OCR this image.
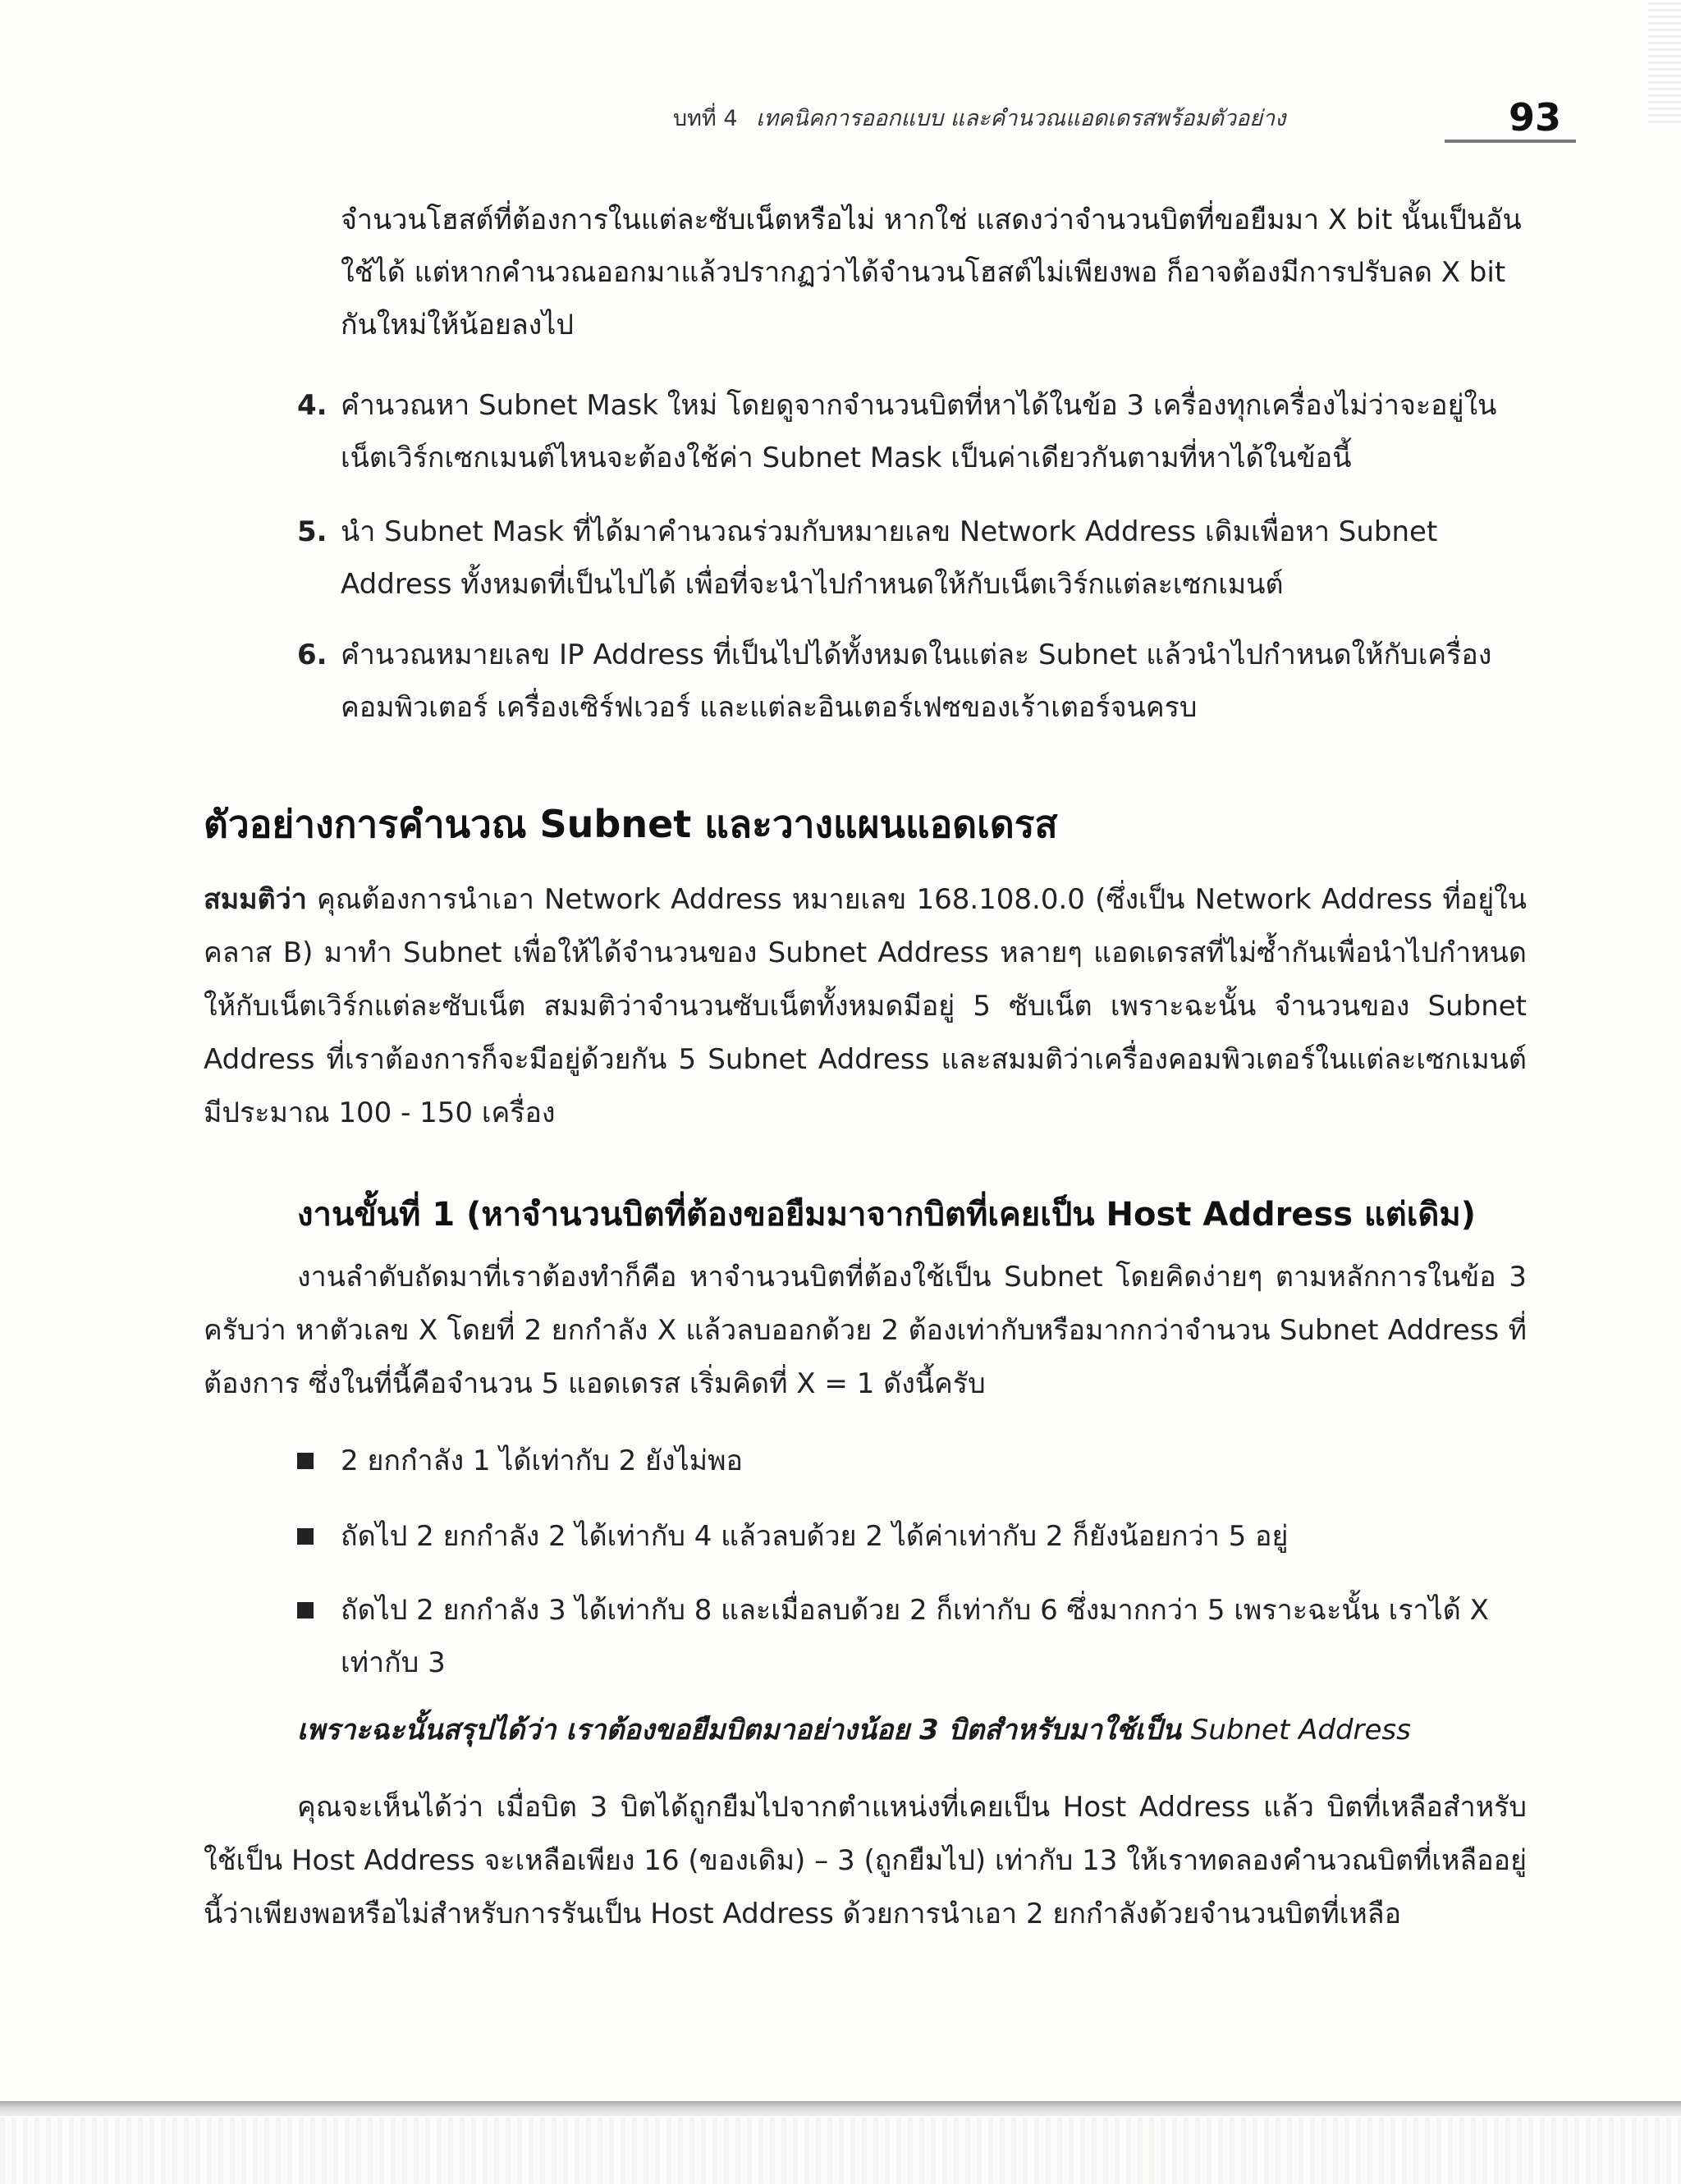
บทที่ 4 เทคนิคการออกแบบ และคำนวณแอดเดรสพร้อมตัวอย่าง	93
จำนวนโฮสต์ที่ต้องการในแต่ละซับเน็ตหรือไม่ หากใช่ แสดงว่าจำนวนบิตที่ขอยืมมา X bit นั้นเป็นอันใช้ได้ แต่หากคำนวณออกมาแล้วปรากฏว่าได้จำนวนโฮสต์ไม่เพียงพอ ก็อาจต้องมีการปรับลด X bit กันใหม่ให้น้อยลงไป
4. คำนวณหา Subnet Mask ใหม่ โดยดูจากจำนวนบิตที่หาได้ในข้อ 3 เครื่องทุกเครื่องไม่ว่าจะอยู่ในเน็ตเวิร์กเซกเมนต์ไหนจะต้องใช้ค่า Subnet Mask เป็นค่าเดียวกันตามที่หาได้ในข้อนี้
5. นำ Subnet Mask ที่ได้มาคำนวณร่วมกับหมายเลข Network Address เดิมเพื่อหา Subnet Address ทั้งหมดที่เป็นไปได้ เพื่อที่จะนำไปกำหนดให้กับเน็ตเวิร์กแต่ละเซกเมนต์
6. คำนวณหมายเลข IP Address ที่เป็นไปได้ทั้งหมดในแต่ละ Subnet แล้วนำไปกำหนดให้กับเครื่องคอมพิวเตอร์ เครื่องเซิร์ฟเวอร์ และแต่ละอินเตอร์เฟซของเร้าเตอร์จนครบ
ตัวอย่างการคำนวณ Subnet และวางแผนแอดเดรส
สมมติว่า คุณต้องการนำเอา Network Address หมายเลข 168.108.0.0 (ซึ่งเป็น Network Address ที่อยู่ในคลาส B) มาทำ Subnet เพื่อให้ได้จำนวนของ Subnet Address หลายๆ แอดเดรสที่ไม่ซ้ำกันเพื่อนำไปกำหนดให้กับเน็ตเวิร์กแต่ละซับเน็ต สมมติว่าจำนวนซับเน็ตทั้งหมดมีอยู่ 5 ซับเน็ต เพราะฉะนั้น จำนวนของ Subnet Address ที่เราต้องการก็จะมีอยู่ด้วยกัน 5 Subnet Address และสมมติว่าเครื่องคอมพิวเตอร์ในแต่ละเซกเมนต์มีประมาณ 100 - 150 เครื่อง
งานขั้นที่ 1 (หาจำนวนบิตที่ต้องขอยืมมาจากบิตที่เคยเป็น Host Address แต่เดิม)
งานลำดับถัดมาที่เราต้องทำก็คือ หาจำนวนบิตที่ต้องใช้เป็น Subnet โดยคิดง่ายๆ ตามหลักการในข้อ 3 ครับว่า หาตัวเลข X โดยที่ 2 ยกกำลัง X แล้วลบออกด้วย 2 ต้องเท่ากับหรือมากกว่าจำนวน Subnet Address ที่ต้องการ ซึ่งในที่นี้คือจำนวน 5 แอดเดรส เริ่มคิดที่ X = 1 ดังนี้ครับ
2 ยกกำลัง 1 ได้เท่ากับ 2 ยังไม่พอ
ถัดไป 2 ยกกำลัง 2 ได้เท่ากับ 4 แล้วลบด้วย 2 ได้ค่าเท่ากับ 2 ก็ยังน้อยกว่า 5 อยู่
ถัดไป 2 ยกกำลัง 3 ได้เท่ากับ 8 และเมื่อลบด้วย 2 ก็เท่ากับ 6 ซึ่งมากกว่า 5 เพราะฉะนั้น เราได้ X เท่ากับ 3
เพราะฉะนั้นสรุปได้ว่า เราต้องขอยืมบิตมาอย่างน้อย 3 บิตสำหรับมาใช้เป็น Subnet Address
คุณจะเห็นได้ว่า เมื่อบิต 3 บิตได้ถูกยืมไปจากตำแหน่งที่เคยเป็น Host Address แล้ว บิตที่เหลือสำหรับใช้เป็น Host Address จะเหลือเพียง 16 (ของเดิม) – 3 (ถูกยืมไป) เท่ากับ 13 ให้เราทดลองคำนวณบิตที่เหลืออยู่นี้ว่าเพียงพอหรือไม่สำหรับการรันเป็น Host Address ด้วยการนำเอา 2 ยกกำลังด้วยจำนวนบิตที่เหลือ
